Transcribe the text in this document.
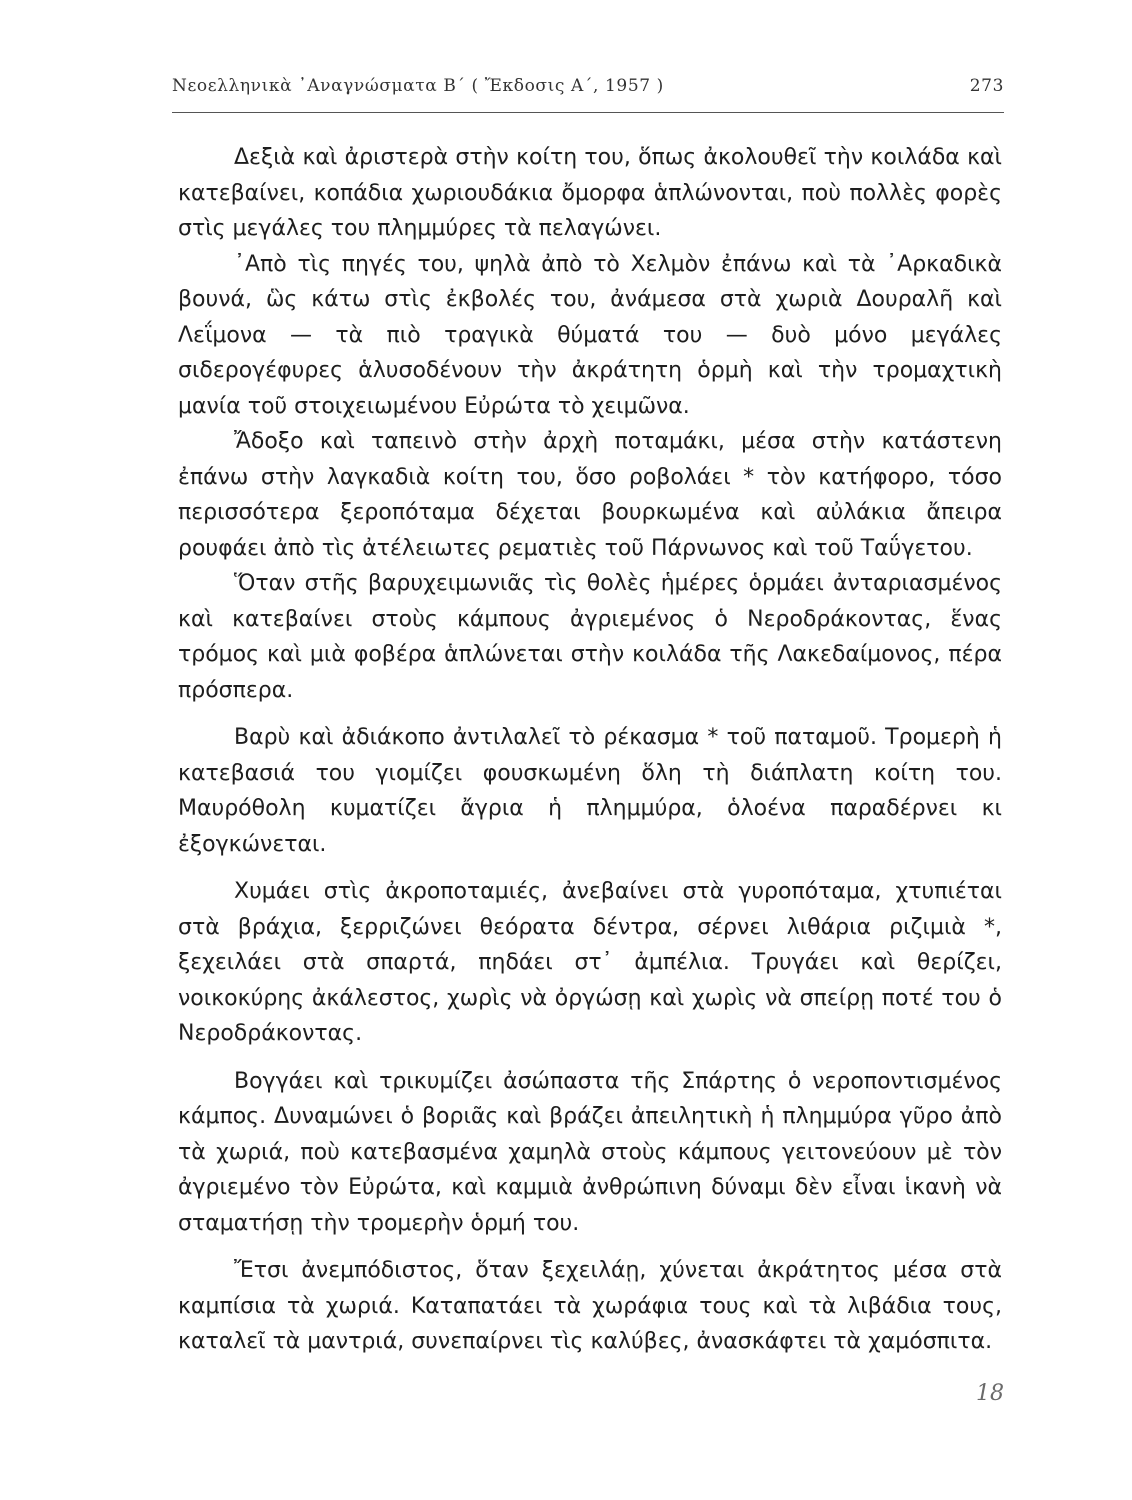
Νεοελληνικὰ ᾿Αναγνώσματα Β΄ ( Ἔκδοσις Α΄, 1957 )	273

Δεξιὰ καὶ ἀριστερὰ στὴν κοίτη του, ὅπως ἀκολουθεῖ τὴν κοιλάδα καὶ κατεβαίνει, κοπάδια χωριουδάκια ὄμορφα ἁπλώνονται, ποὺ πολλὲς φορὲς στὶς μεγάλες του πλημμύρες τὰ πελαγώνει.

᾿Απὸ τὶς πηγές του, ψηλὰ ἀπὸ τὸ Χελμὸν ἐπάνω καὶ τὰ ᾿Αρκαδικὰ βουνά, ὣς κάτω στὶς ἐκβολές του, ἀνάμεσα στὰ χωριὰ Δουραλῆ καὶ Λεΐμονα — τὰ πιὸ τραγικὰ θύματά του — δυὸ μόνο μεγάλες σιδερογέφυρες ἁλυσοδένουν τὴν ἀκράτητη ὁρμὴ καὶ τὴν τρομαχτικὴ μανία τοῦ στοιχειωμένου Εὐρώτα τὸ χειμῶνα.

Ἄδοξο καὶ ταπεινὸ στὴν ἀρχὴ ποταμάκι, μέσα στὴν κατάστενη ἐπάνω στὴν λαγκαδιὰ κοίτη του, ὅσο ροβολάει * τὸν κατήφορο, τόσο περισσότερα ξεροπόταμα δέχεται βουρκωμένα καὶ αὐλάκια ἄπειρα ρουφάει ἀπὸ τὶς ἀτέλειωτες ρεματιὲς τοῦ Πάρνωνος καὶ τοῦ Ταΰγετου.

Ὅταν στῆς βαρυχειμωνιᾶς τὶς θολὲς ἡμέρες ὁρμάει ἀνταριασμένος καὶ κατεβαίνει στοὺς κάμπους ἀγριεμένος ὁ Νεροδράκοντας, ἕνας τρόμος καὶ μιὰ φοβέρα ἁπλώνεται στὴν κοιλάδα τῆς Λακεδαίμονος, πέρα πρόσπερα.

Βαρὺ καὶ ἀδιάκοπο ἀντιλαλεῖ τὸ ρέκασμα * τοῦ παταμοῦ. Τρομερὴ ἡ κατεβασιά του γιομίζει φουσκωμένη ὅλη τὴ διάπλατη κοίτη του. Μαυρόθολη κυματίζει ἄγρια ἡ πλημμύρα, ὁλοένα παραδέρνει κι ἐξογκώνεται.

Χυμάει στὶς ἀκροποταμιές, ἀνεβαίνει στὰ γυροπόταμα, χτυπιέται στὰ βράχια, ξερριζώνει θεόρατα δέντρα, σέρνει λιθάρια ριζιμιὰ *, ξεχειλάει στὰ σπαρτά, πηδάει στ᾿ ἀμπέλια. Τρυγάει καὶ θερίζει, νοικοκύρης ἀκάλεστος, χωρὶς νὰ ὀργώσῃ καὶ χωρὶς νὰ σπείρῃ ποτέ του ὁ Νεροδράκοντας.

Βογγάει καὶ τρικυμίζει ἀσώπαστα τῆς Σπάρτης ὁ νεροποντισμένος κάμπος. Δυναμώνει ὁ βοριᾶς καὶ βράζει ἀπειλητικὴ ἡ πλημμύρα γῦρο ἀπὸ τὰ χωριά, ποὺ κατεβασμένα χαμηλὰ στοὺς κάμπους γειτονεύουν μὲ τὸν ἀγριεμένο τὸν Εὐρώτα, καὶ καμμιὰ ἀνθρώπινη δύναμι δὲν εἶναι ἱκανὴ νὰ σταματήσῃ τὴν τρομερὴν ὁρμή του.

Ἔτσι ἀνεμπόδιστος, ὅταν ξεχειλάῃ, χύνεται ἀκράτητος μέσα στὰ καμπίσια τὰ χωριά. Καταπατάει τὰ χωράφια τους καὶ τὰ λιβάδια τους, καταλεῖ τὰ μαντριά, συνεπαίρνει τὶς καλύβες, ἀνασκάφτει τὰ χαμόσπιτα.

18
